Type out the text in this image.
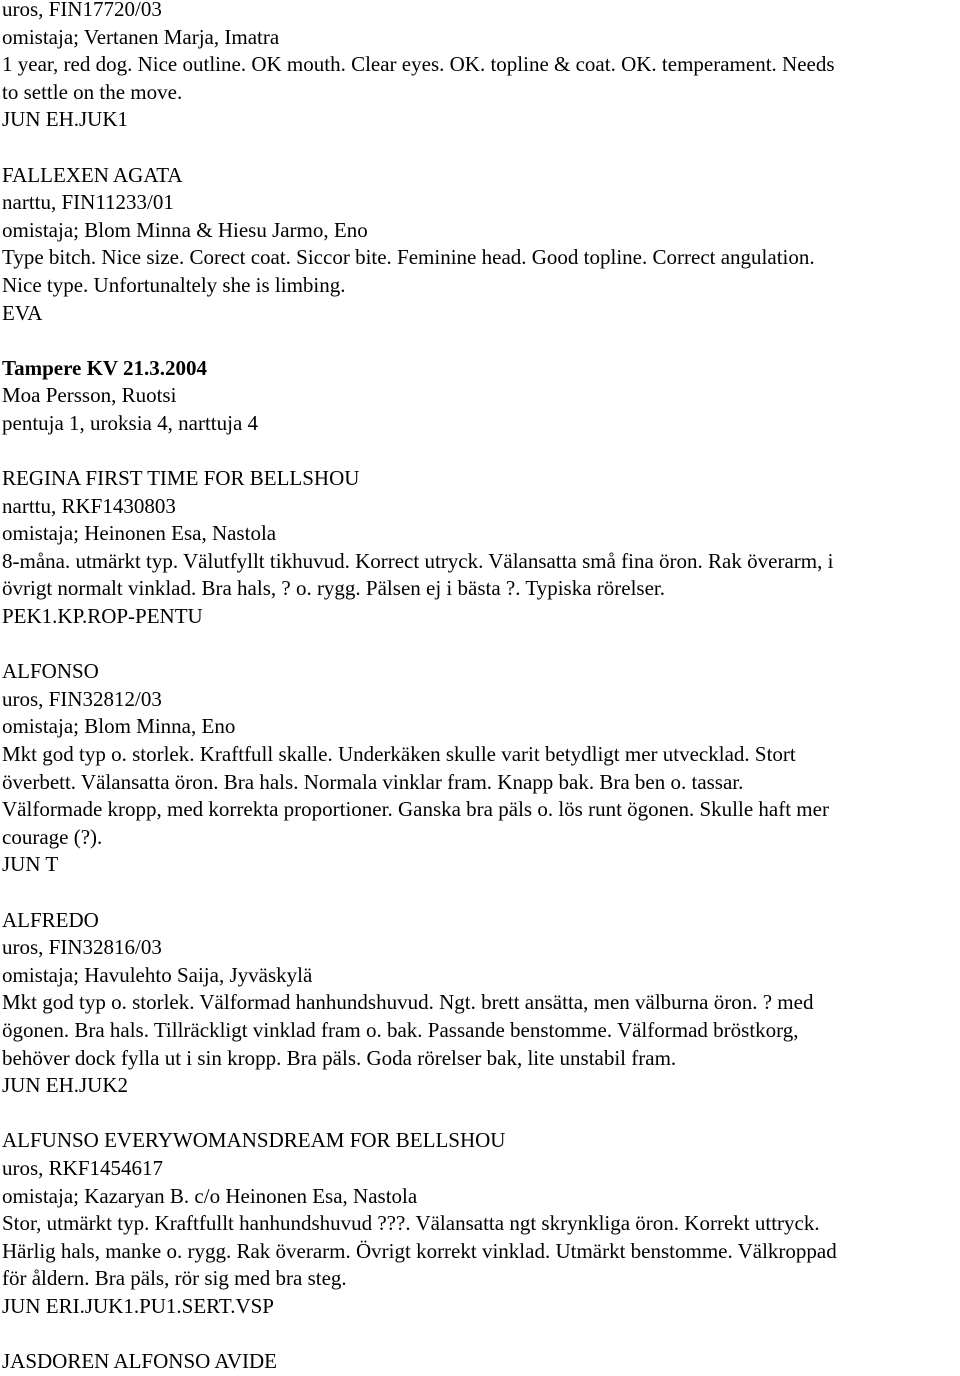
uros, FIN17720/03
omistaja; Vertanen Marja, Imatra
1 year, red dog. Nice outline. OK mouth. Clear eyes. OK. topline & coat. OK. temperament. Needs
to settle on the move.
JUN EH.JUK1
FALLEXEN AGATA
narttu, FIN11233/01
omistaja; Blom Minna & Hiesu Jarmo, Eno
Type bitch. Nice size. Corect coat. Siccor bite. Feminine head. Good topline. Correct angulation.
Nice type. Unfortunaltely she is limbing.
EVA
Tampere KV 21.3.2004
Moa Persson, Ruotsi
pentuja 1, uroksia 4, narttuja 4
REGINA FIRST TIME FOR BELLSHOU
narttu, RKF1430803
omistaja; Heinonen Esa, Nastola
8-måna. utmärkt typ. Välutfyllt tikhuvud. Korrect utryck. Välansatta små fina öron. Rak överarm, i
övrigt normalt vinklad. Bra hals, ? o. rygg. Pälsen ej i bästa ?. Typiska rörelser.
PEK1.KP.ROP-PENTU
ALFONSO
uros, FIN32812/03
omistaja; Blom Minna, Eno
Mkt god typ o. storlek. Kraftfull skalle. Underkäken skulle varit betydligt mer utvecklad. Stort
överbett. Välansatta öron. Bra hals. Normala vinklar fram. Knapp bak. Bra ben o. tassar.
Välformade kropp, med korrekta proportioner. Ganska bra päls o. lös runt ögonen. Skulle haft mer
courage (?).
JUN T
ALFREDO
uros, FIN32816/03
omistaja; Havulehto Saija, Jyväskylä
Mkt god typ o. storlek. Välformad hanhundshuvud. Ngt. brett ansätta, men välburna öron. ? med
ögonen. Bra hals. Tillräckligt vinklad fram o. bak. Passande benstomme. Välformad bröstkorg,
behöver dock fylla ut i sin kropp. Bra päls. Goda rörelser bak, lite unstabil fram.
JUN EH.JUK2
ALFUNSO EVERYWOMANSDREAM FOR BELLSHOU
uros, RKF1454617
omistaja; Kazaryan B. c/o Heinonen Esa, Nastola
Stor, utmärkt typ. Kraftfullt hanhundshuvud ???. Välansatta ngt skrynkliga öron. Korrekt uttryck.
Härlig hals, manke o. rygg. Rak överarm. Övrigt korrekt vinklad. Utmärkt benstomme. Välkroppad
för åldern. Bra päls, rör sig med bra steg.
JUN ERI.JUK1.PU1.SERT.VSP
JASDOREN ALFONSO AVIDE
